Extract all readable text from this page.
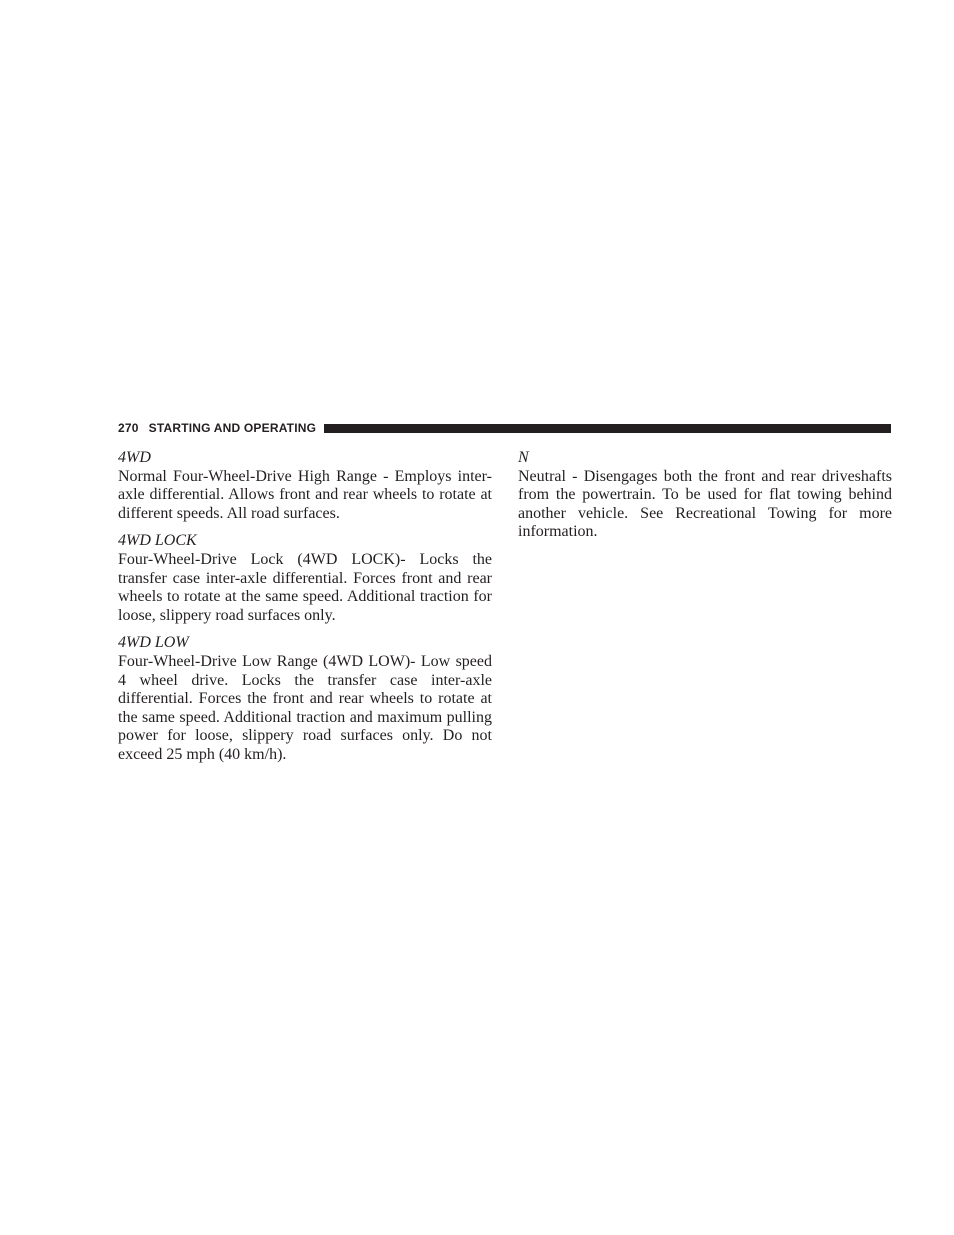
270 STARTING AND OPERATING
4WD
Normal Four-Wheel-Drive High Range - Employs inter-axle differential. Allows front and rear wheels to rotate at different speeds. All road surfaces.
4WD LOCK
Four-Wheel-Drive Lock (4WD LOCK)- Locks the transfer case inter-axle differential. Forces front and rear wheels to rotate at the same speed. Additional traction for loose, slippery road surfaces only.
4WD LOW
Four-Wheel-Drive Low Range (4WD LOW)- Low speed 4 wheel drive. Locks the transfer case inter-axle differential. Forces the front and rear wheels to rotate at the same speed. Additional traction and maximum pulling power for loose, slippery road surfaces only. Do not exceed 25 mph (40 km/h).
N
Neutral - Disengages both the front and rear driveshafts from the powertrain. To be used for flat towing behind another vehicle. See Recreational Towing for more information.
